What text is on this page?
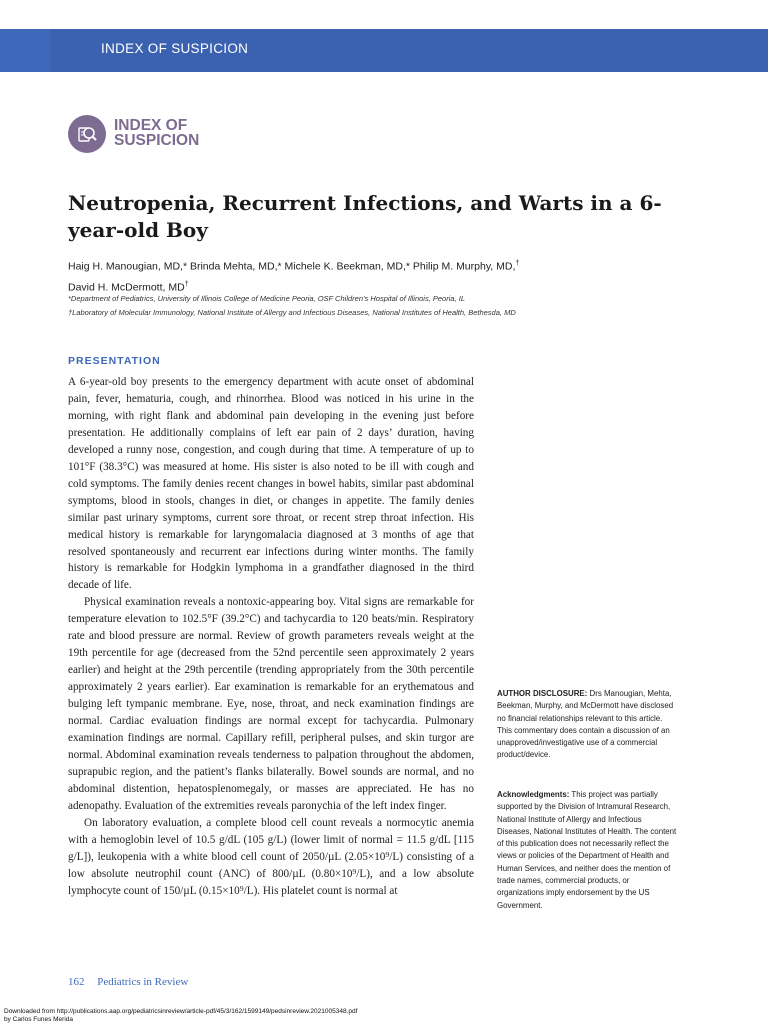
INDEX OF SUSPICION
INDEX OF
SUSPICION
Neutropenia, Recurrent Infections, and Warts in a 6-year-old Boy
Haig H. Manougian, MD,* Brinda Mehta, MD,* Michele K. Beekman, MD,* Philip M. Murphy, MD,†
David H. McDermott, MD†
*Department of Pediatrics, University of Illinois College of Medicine Peoria, OSF Children’s Hospital of Illinois, Peoria, IL
†Laboratory of Molecular Immunology, National Institute of Allergy and Infectious Diseases, National Institutes of Health, Bethesda, MD
PRESENTATION

A 6-year-old boy presents to the emergency department with acute onset of abdominal pain, fever, hematuria, cough, and rhinorrhea. Blood was noticed in his urine in the morning, with right flank and abdominal pain developing in the evening just before presentation. He additionally complains of left ear pain of 2 days’ duration, having developed a runny nose, congestion, and cough during that time. A temperature of up to 101°F (38.3°C) was measured at home. His sister is also noted to be ill with cough and cold symptoms. The family denies recent changes in bowel habits, similar past abdominal symptoms, blood in stools, changes in diet, or changes in appetite. The family denies similar past urinary symptoms, current sore throat, or recent strep throat infection. His medical history is remarkable for laryngomalacia diagnosed at 3 months of age that resolved spontaneously and recurrent ear infections during winter months. The family history is remarkable for Hodgkin lymphoma in a grandfather diagnosed in the third decade of life.

Physical examination reveals a nontoxic-appearing boy. Vital signs are remarkable for temperature elevation to 102.5°F (39.2°C) and tachycardia to 120 beats/min. Respiratory rate and blood pressure are normal. Review of growth parameters reveals weight at the 19th percentile for age (decreased from the 52nd percentile seen approximately 2 years earlier) and height at the 29th percentile (trending appropriately from the 30th percentile approximately 2 years earlier). Ear examination is remarkable for an erythematous and bulging left tympanic membrane. Eye, nose, throat, and neck examination findings are normal. Cardiac evaluation findings are normal except for tachycardia. Pulmonary examination findings are normal. Capillary refill, peripheral pulses, and skin turgor are normal. Abdominal examination reveals tenderness to palpation throughout the abdomen, suprapubic region, and the patient’s flanks bilaterally. Bowel sounds are normal, and no abdominal distention, hepatosplenomegaly, or masses are appreciated. He has no adenopathy. Evaluation of the extremities reveals paronychia of the left index finger.

On laboratory evaluation, a complete blood cell count reveals a normocytic anemia with a hemoglobin level of 10.5 g/dL (105 g/L) (lower limit of normal = 11.5 g/dL [115 g/L]), leukopenia with a white blood cell count of 2050/µL (2.05×10⁹/L) consisting of a low absolute neutrophil count (ANC) of 800/µL (0.80×10⁹/L), and a low absolute lymphocyte count of 150/µL (0.15×10⁹/L). His platelet count is normal at

AUTHOR DISCLOSURE: Drs Manougian, Mehta, Beekman, Murphy, and McDermott have disclosed no financial relationships relevant to this article. This commentary does contain a discussion of an unapproved/investigative use of a commercial product/device.
Acknowledgments: This project was partially supported by the Division of Intramural Research, National Institute of Allergy and Infectious Diseases, National Institutes of Health. The content of this publication does not necessarily reflect the views or policies of the Department of Health and Human Services, and neither does the mention of trade names, commercial products, or organizations imply endorsement by the US Government.
162 Pediatrics in Review
Downloaded from http://publications.aap.org/pediatricsinreview/article-pdf/45/3/162/1599149/pedsinreview.2021005348.pdf
by Carlos Funes Merida
